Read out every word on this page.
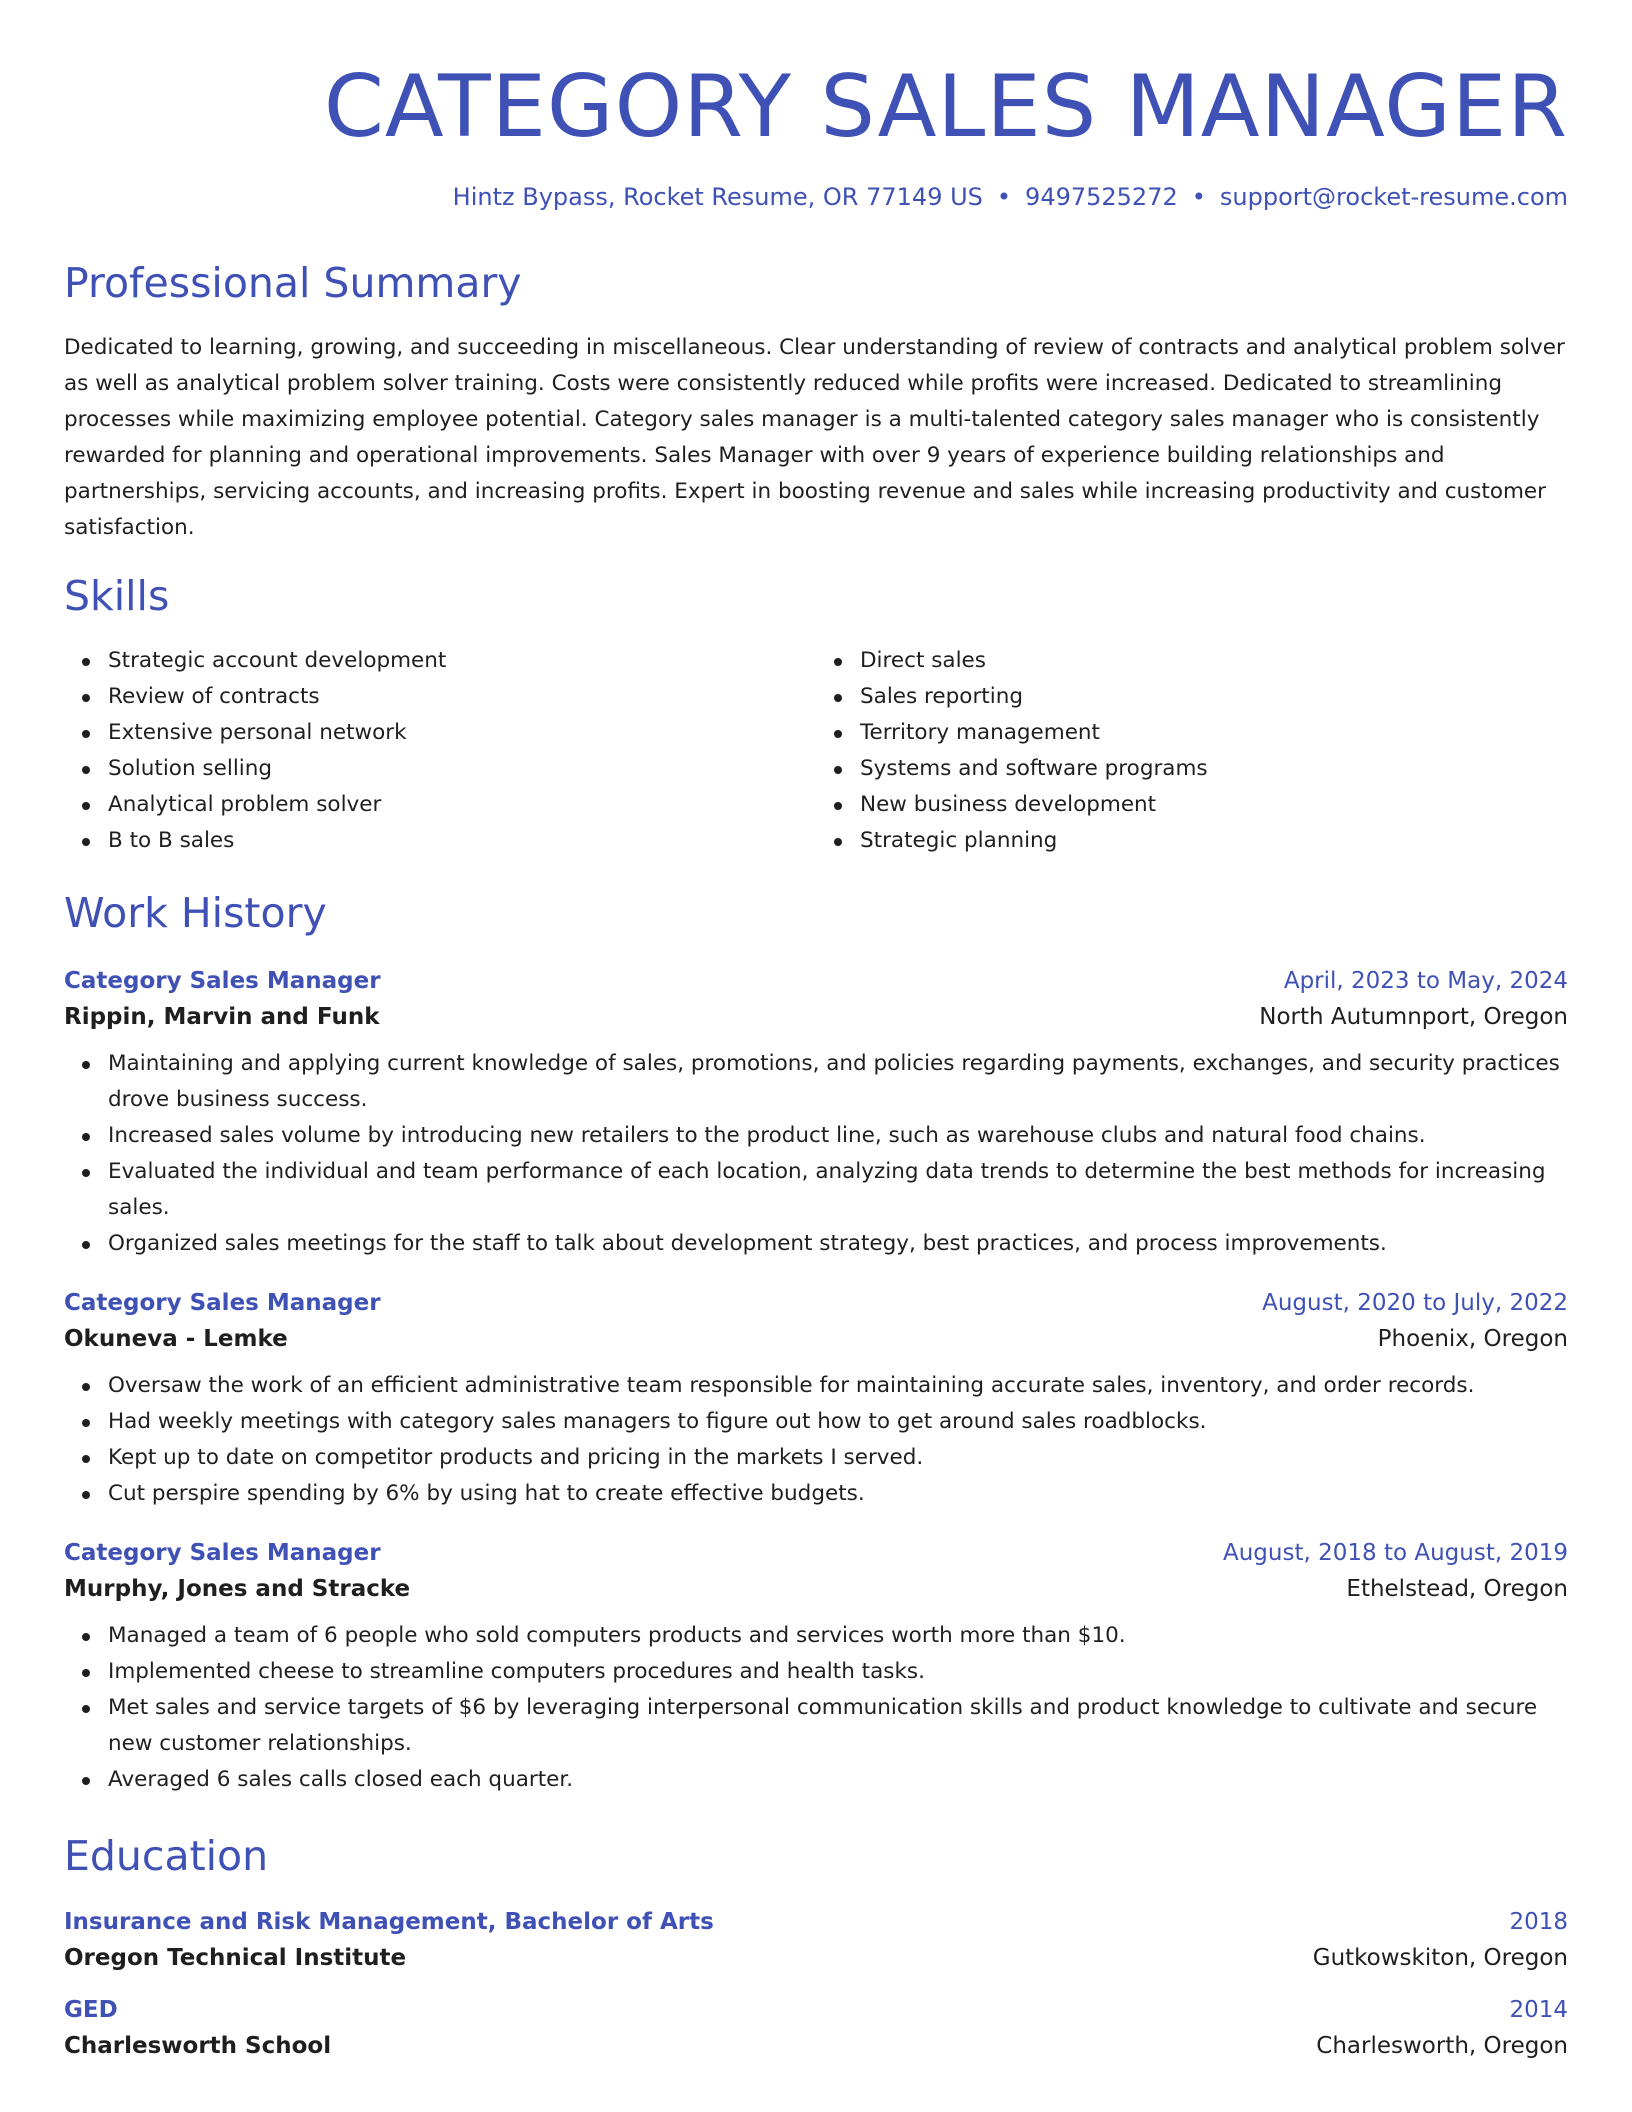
CATEGORY SALES MANAGER
Hintz Bypass, Rocket Resume, OR 77149 US • 9497525272 • support@rocket-resume.com
Professional Summary
Dedicated to learning, growing, and succeeding in miscellaneous. Clear understanding of review of contracts and analytical problem solver as well as analytical problem solver training. Costs were consistently reduced while profits were increased. Dedicated to streamlining processes while maximizing employee potential. Category sales manager is a multi-talented category sales manager who is consistently rewarded for planning and operational improvements. Sales Manager with over 9 years of experience building relationships and partnerships, servicing accounts, and increasing profits. Expert in boosting revenue and sales while increasing productivity and customer satisfaction.
Skills
Strategic account development
Review of contracts
Extensive personal network
Solution selling
Analytical problem solver
B to B sales
Direct sales
Sales reporting
Territory management
Systems and software programs
New business development
Strategic planning
Work History
Category Sales Manager	April, 2023 to May, 2024
Rippin, Marvin and Funk	North Autumnport, Oregon
Maintaining and applying current knowledge of sales, promotions, and policies regarding payments, exchanges, and security practices drove business success.
Increased sales volume by introducing new retailers to the product line, such as warehouse clubs and natural food chains.
Evaluated the individual and team performance of each location, analyzing data trends to determine the best methods for increasing sales.
Organized sales meetings for the staff to talk about development strategy, best practices, and process improvements.
Category Sales Manager	August, 2020 to July, 2022
Okuneva - Lemke	Phoenix, Oregon
Oversaw the work of an efficient administrative team responsible for maintaining accurate sales, inventory, and order records.
Had weekly meetings with category sales managers to figure out how to get around sales roadblocks.
Kept up to date on competitor products and pricing in the markets I served.
Cut perspire spending by 6% by using hat to create effective budgets.
Category Sales Manager	August, 2018 to August, 2019
Murphy, Jones and Stracke	Ethelstead, Oregon
Managed a team of 6 people who sold computers products and services worth more than $10.
Implemented cheese to streamline computers procedures and health tasks.
Met sales and service targets of $6 by leveraging interpersonal communication skills and product knowledge to cultivate and secure new customer relationships.
Averaged 6 sales calls closed each quarter.
Education
Insurance and Risk Management, Bachelor of Arts	2018
Oregon Technical Institute	Gutkowskiton, Oregon
GED	2014
Charlesworth School	Charlesworth, Oregon
